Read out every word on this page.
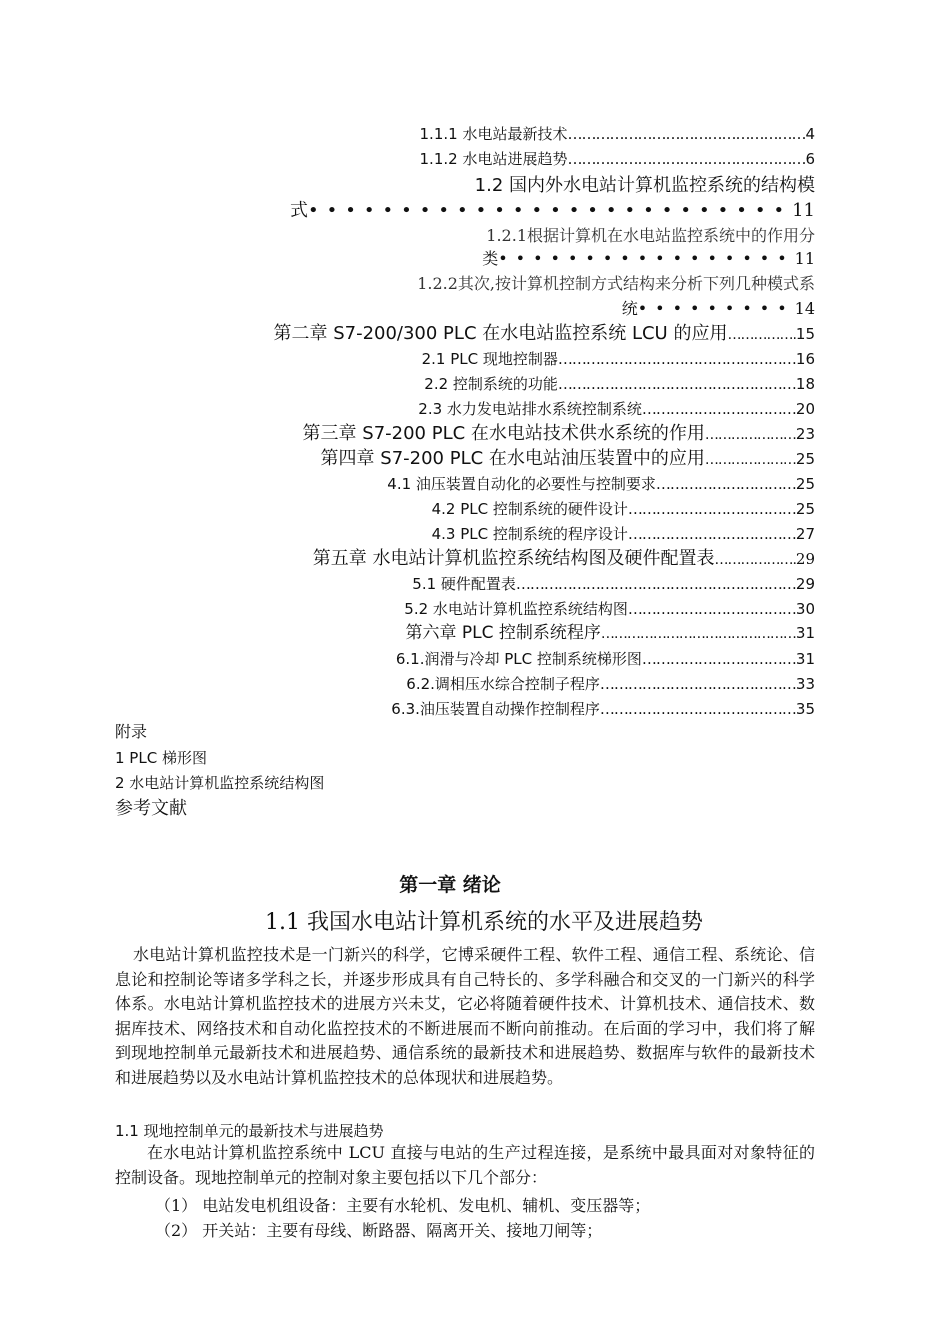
1.1.1 水电站最新技术……………………………………………4
1.1.2 水电站进展趋势……………………………………………6
1.2 国内外水电站计算机监控系统的结构模
式••••••••••••••••••••••••••11
1.2.1根据计算机在水电站监控系统中的作用分
类•••••••••••••••••11
1.2.2其次,按计算机控制方式结构来分析下列几种模式系
统•••••••••14
第二章 S7-200/300 PLC 在水电站监控系统 LCU 的应用…………….15
2.1 PLC 现地控制器……………………………………………16
2.2 控制系统的功能……………………………………………18
2.3 水力发电站排水系统控制系统……………………………20
第三章 S7-200 PLC 在水电站技术供水系统的作用…………………23
第四章 S7-200 PLC 在水电站油压装置中的应用…………………25
4.1 油压装置自动化的必要性与控制要求…………………………25
4.2 PLC 控制系统的硬件设计………………………………25
4.3 PLC 控制系统的程序设计………………………………27
第五章 水电站计算机监控系统结构图及硬件配置表……………….29
5.1 硬件配置表……………………………………………………29
5.2 水电站计算机监控系统结构图………………………………30
第六章 PLC 控制系统程序………………………………………31
6.1.润滑与冷却 PLC 控制系统梯形图……………………………31
6.2.调相压水综合控制子程序……………………………………33
6.3.油压装置自动操作控制程序……………………………………35
附录
1 PLC 梯形图
2 水电站计算机监控系统结构图
参考文献
第一章 绪论
1.1 我国水电站计算机系统的水平及进展趋势

水电站计算机监控技术是一门新兴的科学，它博采硬件工程、软件工程、通信工程、系统论、信息论和控制论等诸多学科之长，并逐步形成具有自己特长的、多学科融合和交叉的一门新兴的科学体系。水电站计算机监控技术的进展方兴未艾，它必将随着硬件技术、计算机技术、通信技术、数据库技术、网络技术和自动化监控技术的不断进展而不断向前推动。在后面的学习中，我们将了解到现地控制单元最新技术和进展趋势、通信系统的最新技术和进展趋势、数据库与软件的最新技术和进展趋势以及水电站计算机监控技术的总体现状和进展趋势。

1.1 现地控制单元的最新技术与进展趋势

在水电站计算机监控系统中 LCU 直接与电站的生产过程连接，是系统中最具面对对象特征的控制设备。现地控制单元的控制对象主要包括以下几个部分：

（1） 电站发电机组设备：主要有水轮机、发电机、辅机、变压器等；
（2） 开关站：主要有母线、断路器、隔离开关、接地刀闸等；
